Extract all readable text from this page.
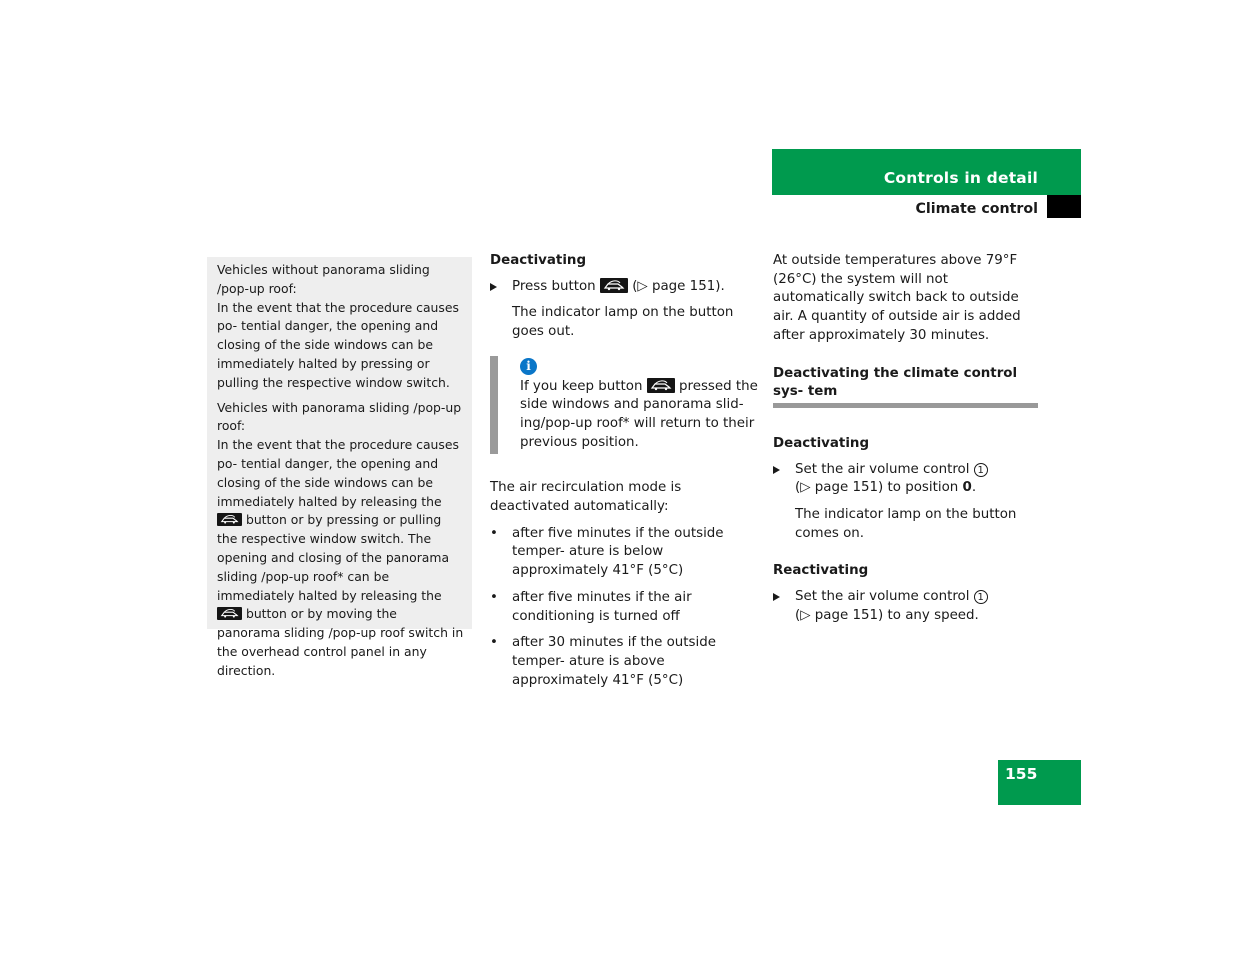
Controls in detail
Climate control

Vehicles without panorama sliding /pop-up roof:

In the event that the procedure causes po- tential danger, the opening and closing of the side windows can be immediately halted by pressing or pulling the respective window switch.

Vehicles with panorama sliding /pop-up roof:

In the event that the procedure causes po- tential danger, the opening and closing of the side windows can be immediately halted by releasing the
button or by pressing or pulling the respective window switch. The opening and closing of the panorama sliding /pop-up roof* can be immediately halted by releasing the
button or by moving the panorama sliding /pop-up roof switch in the overhead control panel in any direction.

Deactivating
Press button	(▷ page 151).

The indicator lamp on the button goes out.

i

If you keep button	pressed the side windows and panorama slid- ing/pop-up roof* will return to their previous position.

The air recirculation mode is deactivated automatically:

• after five minutes if the outside temper- ature is below approximately 41°F (5°C)
• after five minutes if the air conditioning is turned off
• after 30 minutes if the outside temper- ature is above approximately 41°F (5°C)

At outside temperatures above 79°F (26°C) the system will not automatically switch back to outside air. A quantity of outside air is added after approximately 30 minutes.

Deactivating the climate control sys- tem
Deactivating
Set the air volume control 1
(▷ page 151) to position 0.

The indicator lamp on the button comes on.

Reactivating
Set the air volume control 1
(▷ page 151) to any speed.
155
